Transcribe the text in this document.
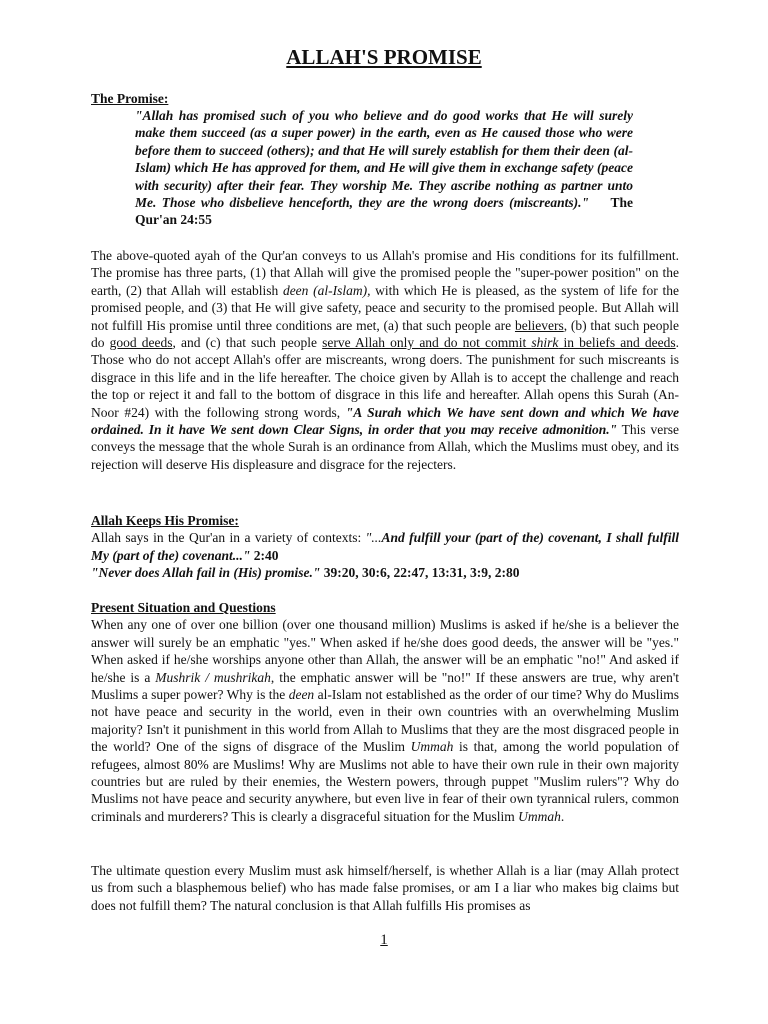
ALLAH'S PROMISE
The Promise:
"Allah has promised such of you who believe and do good works that He will surely make them succeed (as a super power) in the earth, even as He caused those who were before them to succeed (others); and that He will surely establish for them their deen (al-Islam) which He has approved for them, and He will give them in exchange safety (peace with security) after their fear. They worship Me. They ascribe nothing as partner unto Me. Those who disbelieve henceforth, they are the wrong doers (miscreants)." The Qur'an 24:55
The above-quoted ayah of the Qur'an conveys to us Allah's promise and His conditions for its fulfillment. The promise has three parts, (1) that Allah will give the promised people the "super-power position" on the earth, (2) that Allah will establish deen (al-Islam), with which He is pleased, as the system of life for the promised people, and (3) that He will give safety, peace and security to the promised people. But Allah will not fulfill His promise until three conditions are met, (a) that such people are believers, (b) that such people do good deeds, and (c) that such people serve Allah only and do not commit shirk in beliefs and deeds. Those who do not accept Allah's offer are miscreants, wrong doers. The punishment for such miscreants is disgrace in this life and in the life hereafter. The choice given by Allah is to accept the challenge and reach the top or reject it and fall to the bottom of disgrace in this life and hereafter. Allah opens this Surah (An-Noor #24) with the following strong words, "A Surah which We have sent down and which We have ordained. In it have We sent down Clear Signs, in order that you may receive admonition." This verse conveys the message that the whole Surah is an ordinance from Allah, which the Muslims must obey, and its rejection will deserve His displeasure and disgrace for the rejecters.
Allah Keeps His Promise:
Allah says in the Qur'an in a variety of contexts: "...And fulfill your (part of the) covenant, I shall fulfill My (part of the) covenant..." 2:40
"Never does Allah fail in (His) promise." 39:20, 30:6, 22:47, 13:31, 3:9, 2:80
Present Situation and Questions
When any one of over one billion (over one thousand million) Muslims is asked if he/she is a believer the answer will surely be an emphatic "yes." When asked if he/she does good deeds, the answer will be "yes." When asked if he/she worships anyone other than Allah, the answer will be an emphatic "no!" And asked if he/she is a Mushrik / mushrikah, the emphatic answer will be "no!" If these answers are true, why aren't Muslims a super power? Why is the deen al-Islam not established as the order of our time? Why do Muslims not have peace and security in the world, even in their own countries with an overwhelming Muslim majority? Isn't it punishment in this world from Allah to Muslims that they are the most disgraced people in the world? One of the signs of disgrace of the Muslim Ummah is that, among the world population of refugees, almost 80% are Muslims! Why are Muslims not able to have their own rule in their own majority countries but are ruled by their enemies, the Western powers, through puppet "Muslim rulers"? Why do Muslims not have peace and security anywhere, but even live in fear of their own tyrannical rulers, common criminals and murderers? This is clearly a disgraceful situation for the Muslim Ummah.
The ultimate question every Muslim must ask himself/herself, is whether Allah is a liar (may Allah protect us from such a blasphemous belief) who has made false promises, or am I a liar who makes big claims but does not fulfill them? The natural conclusion is that Allah fulfills His promises as
1
